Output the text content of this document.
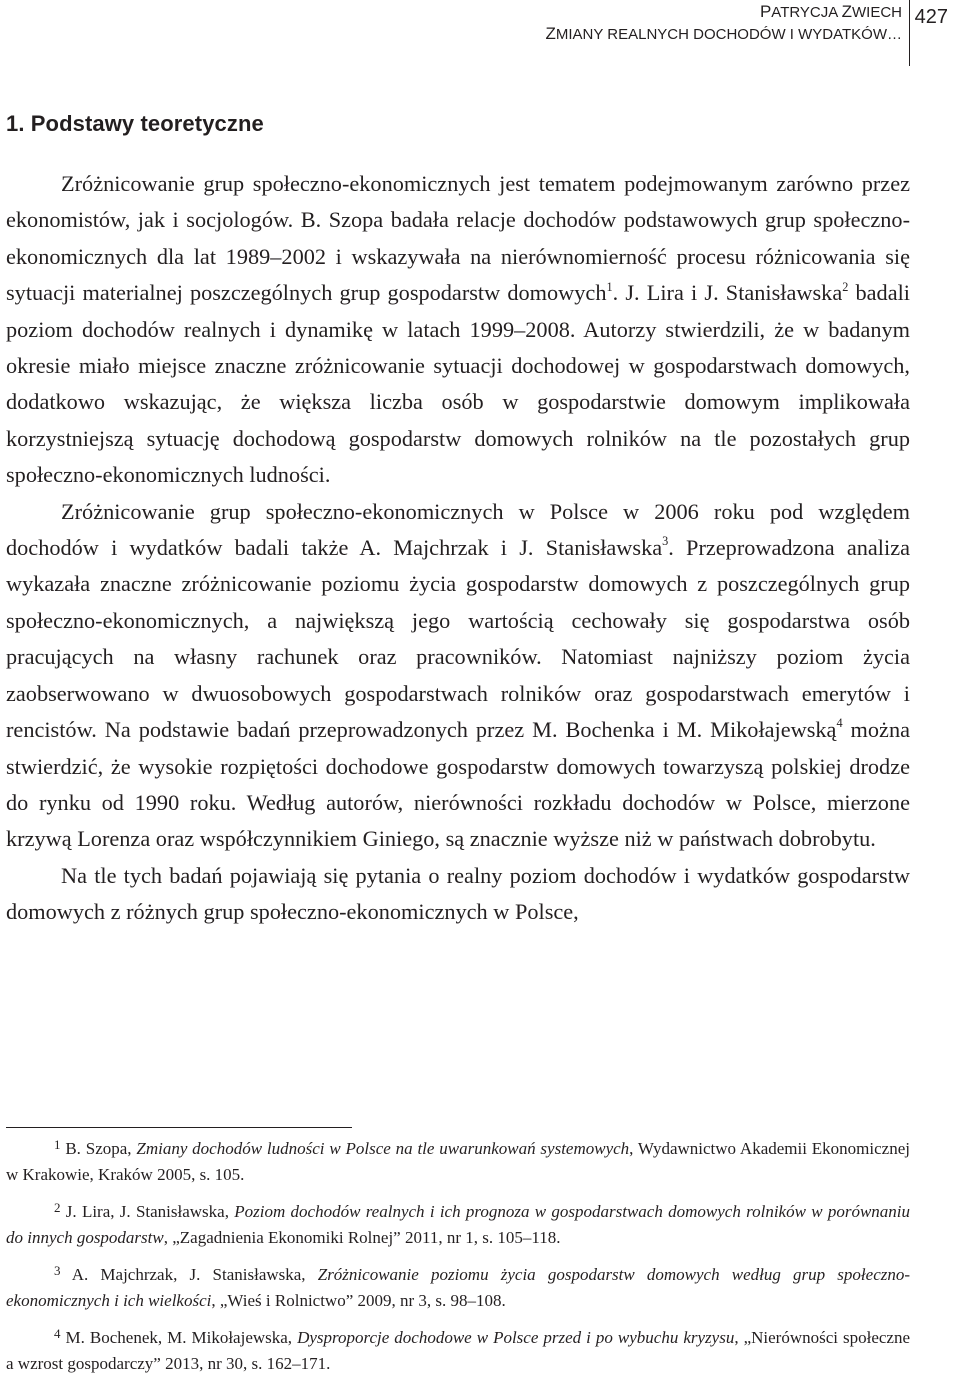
PATRYCJA ZWIECH
ZMIANY REALNYCH DOCHODÓW I WYDATKÓW…
427
1. Podstawy teoretyczne

Zróżnicowanie grup społeczno-ekonomicznych jest tematem podejmowanym zarówno przez ekonomistów, jak i socjologów. B. Szopa badała relacje dochodów podstawowych grup społeczno-ekonomicznych dla lat 1989–2002 i wskazywała na nierównomierność procesu różnicowania się sytuacji materialnej poszczególnych grup gospodarstw domowych$^1$. J. Lira i J. Stanisławska$^2$ badali poziom dochodów realnych i dynamikę w latach 1999–2008. Autorzy stwierdzili, że w badanym okresie miało miejsce znaczne zróżnicowanie sytuacji dochodowej w gospodarstwach domowych, dodatkowo wskazując, że większa liczba osób w gospodarstwie domowym implikowała korzystniejszą sytuację dochodową gospodarstw domowych rolników na tle pozostałych grup społeczno-ekonomicznych ludności.

Zróżnicowanie grup społeczno-ekonomicznych w Polsce w 2006 roku pod względem dochodów i wydatków badali także A. Majchrzak i J. Stanisławska$^3$. Przeprowadzona analiza wykazała znaczne zróżnicowanie poziomu życia gospodarstw domowych z poszczególnych grup społeczno-ekonomicznych, a największą jego wartością cechowały się gospodarstwa osób pracujących na własny rachunek oraz pracowników. Natomiast najniższy poziom życia zaobserwowano w dwuosobowych gospodarstwach rolników oraz gospodarstwach emerytów i rencistów. Na podstawie badań przeprowadzonych przez M. Bochenka i M. Mikołajewską$^4$ można stwierdzić, że wysokie rozpiętości dochodowe gospodarstw domowych towarzyszą polskiej drodze do rynku od 1990 roku. Według autorów, nierówności rozkładu dochodów w Polsce, mierzone krzywą Lorenza oraz współczynnikiem Giniego, są znacznie wyższe niż w państwach dobrobytu.

Na tle tych badań pojawiają się pytania o realny poziom dochodów i wydatków gospodarstw domowych z różnych grup społeczno-ekonomicznych w Polsce,

1 B. Szopa, Zmiany dochodów ludności w Polsce na tle uwarunkowań systemowych, Wydawnictwo Akademii Ekonomicznej w Krakowie, Kraków 2005, s. 105.

2 J. Lira, J. Stanisławska, Poziom dochodów realnych i ich prognoza w gospodarstwach domowych rolników w porównaniu do innych gospodarstw, „Zagadnienia Ekonomiki Rolnej” 2011, nr 1, s. 105–118.

3 A. Majchrzak, J. Stanisławska, Zróżnicowanie poziomu życia gospodarstw domowych według grup społeczno-ekonomicznych i ich wielkości, „Wieś i Rolnictwo” 2009, nr 3, s. 98–108.

4 M. Bochenek, M. Mikołajewska, Dysproporcje dochodowe w Polsce przed i po wybuchu kryzysu, „Nierówności społeczne a wzrost gospodarczy” 2013, nr 30, s. 162–171.
